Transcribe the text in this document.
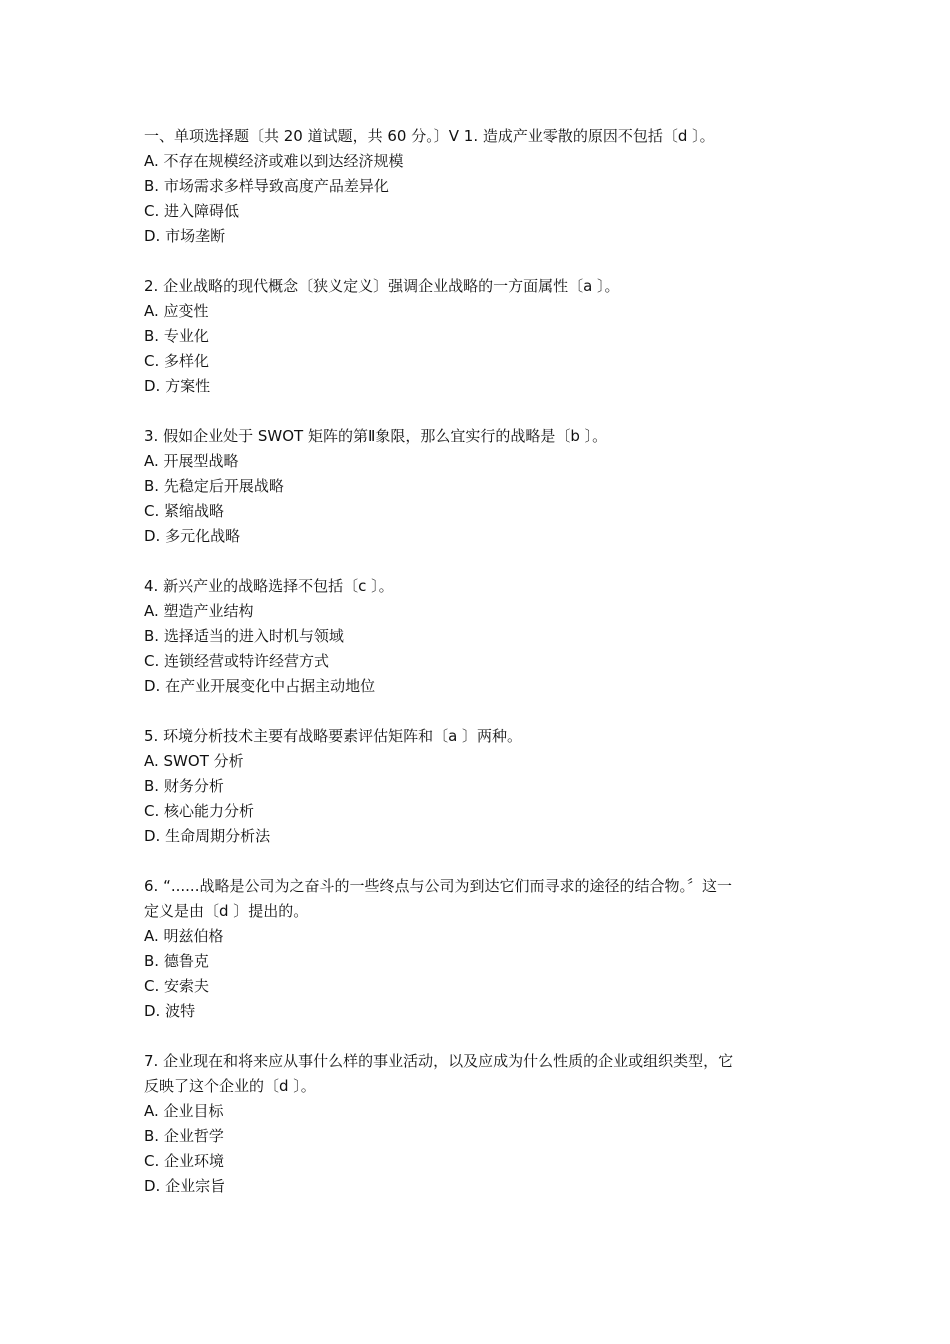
一、单项选择题〔共 20 道试题，共 60 分。〕V 1. 造成产业零散的原因不包括〔d 〕。
A. 不存在规模经济或难以到达经济规模
B. 市场需求多样导致高度产品差异化
C. 进入障碍低
D. 市场垄断
2. 企业战略的现代概念〔狭义定义〕强调企业战略的一方面属性〔a 〕。
A. 应变性
B. 专业化
C. 多样化
D. 方案性
3. 假如企业处于 SWOT 矩阵的第Ⅱ象限，那么宜实行的战略是〔b 〕。
A. 开展型战略
B. 先稳定后开展战略
C. 紧缩战略
D. 多元化战略
4. 新兴产业的战略选择不包括〔c 〕。
A. 塑造产业结构
B. 选择适当的进入时机与领域
C. 连锁经营或特许经营方式
D. 在产业开展变化中占据主动地位
5. 环境分析技术主要有战略要素评估矩阵和〔a 〕两种。
A. SWOT 分析
B. 财务分析
C. 核心能力分析
D. 生命周期分析法
6. “......战略是公司为之奋斗的一些终点与公司为到达它们而寻求的途径的结合物。〞这一
定义是由〔d 〕提出的。
A. 明兹伯格
B. 德鲁克
C. 安索夫
D. 波特
7. 企业现在和将来应从事什么样的事业活动，以及应成为什么性质的企业或组织类型，它
反映了这个企业的〔d 〕。
A. 企业目标
B. 企业哲学
C. 企业环境
D. 企业宗旨
